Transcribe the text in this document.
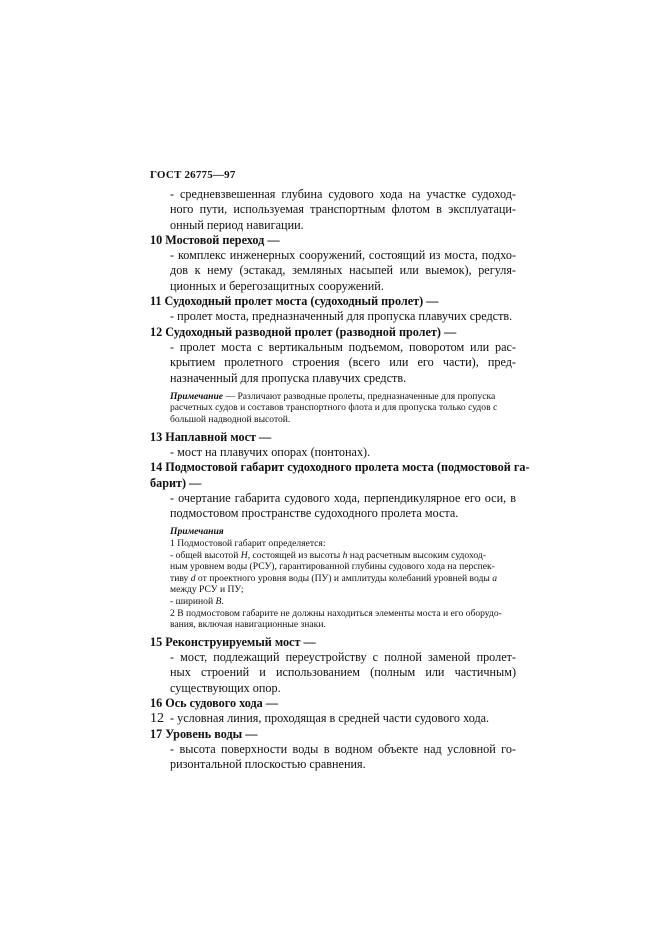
ГОСТ 26775—97
- средневзвешенная глубина судового хода на участке судоход-
ного пути, используемая транспортным флотом в эксплуатаци-
онный период навигации.
10 Мостовой переход —
- комплекс инженерных сооружений, состоящий из моста, подхо-
дов к нему (эстакад, земляных насыпей или выемок), регуля-
ционных и берегозащитных сооружений.
11 Судоходный пролет моста (судоходный пролет) —
- пролет моста, предназначенный для пропуска плавучих средств.
12 Судоходный разводной пролет (разводной пролет) —
- пролет моста с вертикальным подъемом, поворотом или рас-
крытием пролетного строения (всего или его части), пред-
назначенный для пропуска плавучих средств.
Примечание — Различают разводные пролеты, предназначенные для пропуска
расчетных судов и составов транспортного флота и для пропуска только судов с
большой надводной высотой.
13 Наплавной мост —
- мост на плавучих опорах (понтонах).
14 Подмостовой габарит судоходного пролета моста (подмостовой га-
барит) —
- очертание габарита судового хода, перпендикулярное его оси, в
подмостовом пространстве судоходного пролета моста.
Примечания
1 Подмостовой габарит определяется:
- общей высотой H, состоящей из высоты h над расчетным высоким судоход-
ным уровнем воды (РСУ), гарантированной глубины судового хода на перспек-
тиву d от проектного уровня воды (ПУ) и амплитуды колебаний уровней воды a
между РСУ и ПУ;
- шириной B.
2 В подмостовом габарите не должны находиться элементы моста и его оборудо-
вания, включая навигационные знаки.
15 Реконструируемый мост —
- мост, подлежащий переустройству с полной заменой пролет-
ных строений и использованием (полным или частичным)
существующих опор.
16 Ось судового хода —
- условная линия, проходящая в средней части судового хода.
17 Уровень воды —
- высота поверхности воды в водном объекте над условной го-
ризонтальной плоскостью сравнения.
12
